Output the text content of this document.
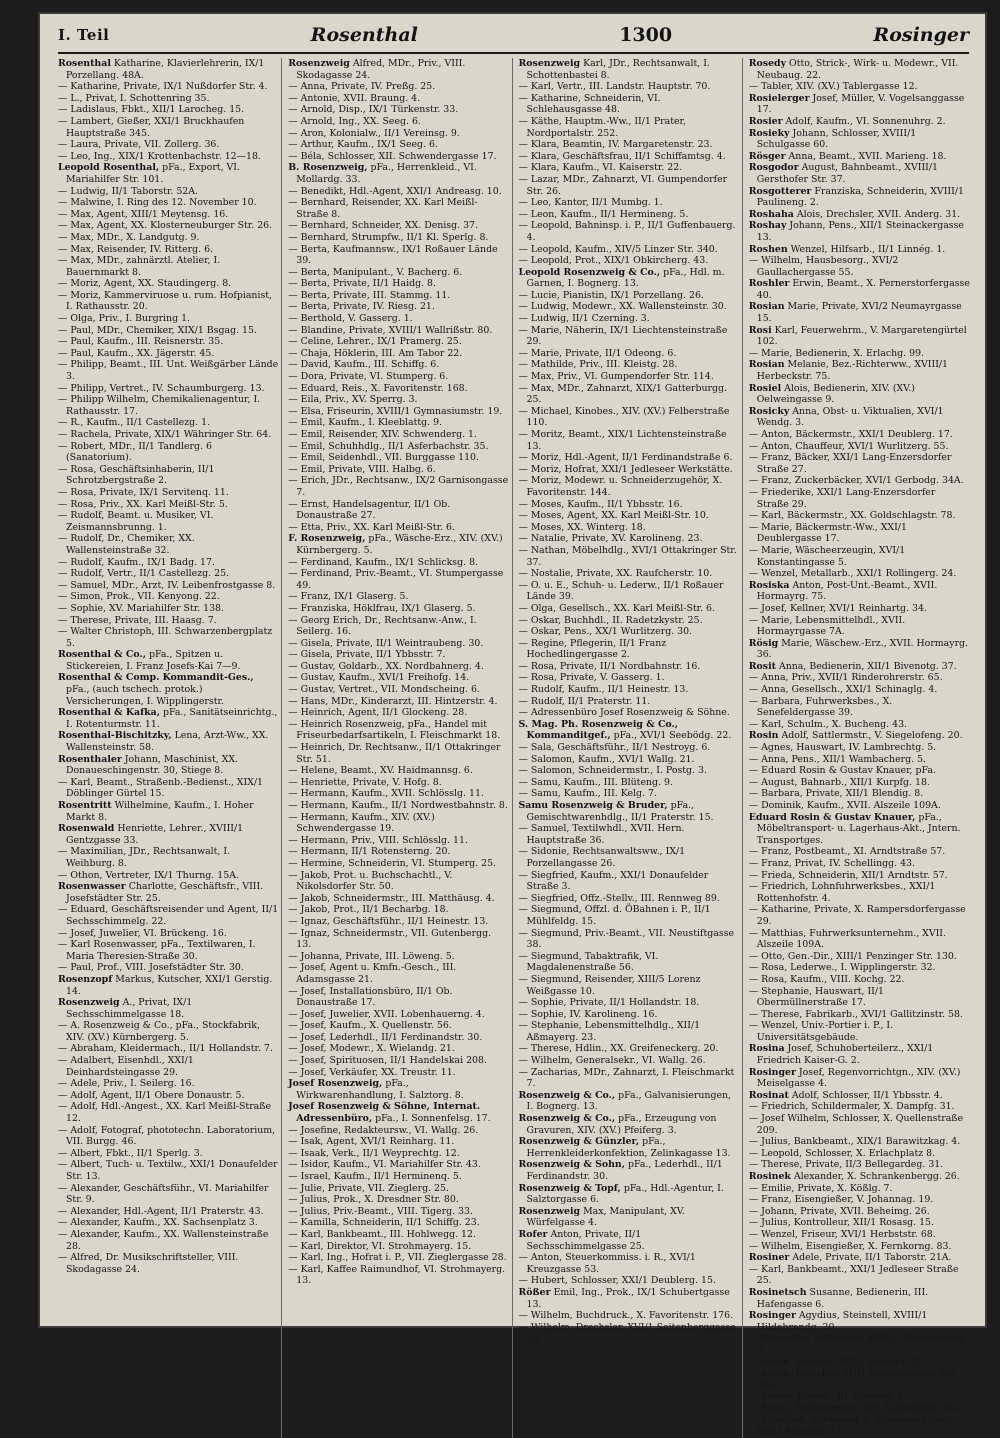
I. Teil	Rosenthal	1300	Rosinger

Rosenthal Katharine, Klavierlehrerin, IX/1 Porzellang. 48A.

— Katharine, Private, IX/1 Nußdorfer Str. 4.

— L., Privat, I. Schottenring 35.

— Ladislaus, Fbkt., XII/1 Larocheg. 15.

— Lambert, Gießer, XXI/1 Bruckhaufen Hauptstraße 345.

— Laura, Private, VII. Zollerg. 36.

— Leo, Ing., XIX/1 Krottenbachstr. 12—18.

Leopold Rosenthal, pFa., Export, VI. Mariahilfer Str. 101.

— Ludwig, II/1 Taborstr. 52A.

— Malwine, I. Ring des 12. November 10.

— Max, Agent, XIII/1 Meytensg. 16.

— Max, Agent, XX. Klosterneuburger Str. 26.

— Max, MDr., X. Landgutg. 9.

— Max, Reisender, IV. Ritterg. 6.

— Max, MDr., zahnärztl. Atelier, I. Bauernmarkt 8.

— Moriz, Agent, XX. Staudingerg. 8.

— Moriz, Kammerviruose u. rum. Hofpianist, I. Rathausstr. 20.

— Olga, Priv., I. Burgring 1.

— Paul, MDr., Chemiker, XIX/1 Bsgag. 15.

— Paul, Kaufm., III. Reisnerstr. 35.

— Paul, Kaufm., XX. Jägerstr. 45.

— Philipp, Beamt., III. Unt. Weißgärber Lände 3.

— Philipp, Vertret., IV. Schaumburgerg. 13.

— Philipp Wilhelm, Chemikalienagentur, I. Rathausstr. 17.

— R., Kaufm., II/1 Castellezg. 1.

— Rachela, Private, XIX/1 Währinger Str. 64.

— Robert, MDr., II/1 Tandlerg. 6 (Sanatorium).

— Rosa, Geschäftsinhaberin, II/1 Schrotzbergstraße 2.

— Rosa, Private, IX/1 Servitenq. 11.

— Rosa, Priv., XX. Karl Meißl-Str. 5.

— Rudolf, Beamt. u. Musiker, VI. Zeismannsbrunng. 1.

— Rudolf, Dr., Chemiker, XX. Wallensteinstraße 32.

— Rudolf, Kaufm., IX/1 Badg. 17.

— Rudolf, Vertr., II/1 Castellezg. 25.

— Samuel, MDr., Arzt, IV. Leibenfrostgasse 8.

— Simon, Prok., VII. Kenyong. 22.

— Sophie, XV. Mariahilfer Str. 138.

— Therese, Private, III. Haasg. 7.

— Walter Christoph, III. Schwarzenbergplatz 5.

Rosenthal & Co., pFa., Spitzen u. Stickereien, I. Franz Josefs-Kai 7—9.

Rosenthal & Comp. Kommandit-Ges., pFa., (auch tschech. protok.) Versicherungen, I. Wipplingerstr.

Rosenthal & Kafka, pFa., Sanitätseinrichtg., I. Rotenturmstr. 11.

Rosenthal-Bischitzky, Lena, Arzt-Ww., XX. Wallensteinstr. 58.

Rosenthaler Johann, Maschinist, XX. Donaueschingenstr. 30, Stiege 8.

— Karl, Beamt., Straßenb.-Bedienst., XIX/1 Döblinger Gürtel 15.

Rosentritt Wilhelmine, Kaufm., I. Hoher Markt 8.

Rosenwald Henriette, Lehrer., XVIII/1 Gentzgasse 33.

— Maximilian, JDr., Rechtsanwalt, I. Weihburg. 8.

— Othon, Vertreter, IX/1 Thurng. 15A.

Rosenwasser Charlotte, Geschäftsfr., VIII. Josefstädter Str. 25.

— Eduard, Geschäftsreisender und Agent, II/1 Sechsschimmelg. 22.

— Josef, Juwelier, VI. Brückeng. 16.

— Karl Rosenwasser, pFa., Textilwaren, I. Maria Theresien-Straße 30.

— Paul, Prof., VIII. Josefstädter Str. 30.

Rosenzopf Markus, Kutscher, XXI/1 Gerstig. 14.

Rosenzweig A., Privat, IX/1 Sechsschimmelgasse 18.

— A. Rosenzweig & Co., pFa., Stockfabrik, XIV. (XV.) Kürnbergerg. 5.

— Abraham, Kleidermach., II/1 Hollandstr. 7.

— Adalbert, Eisenhdl., XXI/1 Deinhardsteingasse 29.

— Adele, Priv., I. Seilerg. 16.

— Adolf, Agent, II/1 Obere Donaustr. 5.

— Adolf, Hdl.-Angest., XX. Karl Meißl-Straße 12.

— Adolf, Fotograf, phototechn. Laboratorium, VII. Burgg. 46.

— Albert, Fbkt., II/1 Sperlg. 3.

— Albert, Tuch- u. Textilw., XXI/1 Donaufelder Str. 13.

— Alexander, Geschäftsführ., VI. Mariahilfer Str. 9.

— Alexander, Hdl.-Agent, II/1 Praterstr. 43.

— Alexander, Kaufm., XX. Sachsenplatz 3.

— Alexander, Kaufm., XX. Wallensteinstraße 28.

— Alfred, Dr. Musikschriftsteller, VIII. Skodagasse 24.

Rosenzweig Alfred, MDr., Priv., VIII. Skodagasse 24.

— Anna, Private, IV. Preßg. 25.

— Antonie, XVII. Braung. 4.

— Arnold, Disp., IX/1 Türkenstr. 33.

— Arnold, Ing., XX. Seeg. 6.

— Aron, Kolonialw., II/1 Vereinsg. 9.

— Arthur, Kaufm., IX/1 Seeg. 6.

— Béla, Schlosser, XII. Schwendergasse 17.

B. Rosenzweig, pFa., Herrenkleid., VI. Mollardg. 33.

— Benedikt, Hdl.-Agent, XXI/1 Andreasg. 10.

— Bernhard, Reisender, XX. Karl Meißl-Straße 8.

— Bernhard, Schneider, XX. Denisg. 37.

— Bernhard, Strumpfw., II/1 Kl. Sperlg. 8.

— Berta, Kaufmannsw., IX/1 Roßauer Lände 39.

— Berta, Manipulant., V. Bacherg. 6.

— Berta, Private, II/1 Haidg. 8.

— Berta, Private, III. Stammg. 11.

— Berta, Private, IV. Riesg. 21.

— Berthold, V. Gasserg. 1.

— Blandine, Private, XVIII/1 Wallrißstr. 80.

— Celine, Lehrer., IX/1 Pramerg. 25.

— Chaja, Höklerin, III. Am Tabor 22.

— David, Kaufm., III. Schiffg. 6.

— Dora, Private, VI. Stumperg. 6.

— Eduard, Reis., X. Favoritenstr. 168.

— Eila, Priv., XV. Sperrg. 3.

— Elsa, Friseurin, XVIII/1 Gymnasiumstr. 19.

— Emil, Kaufm., I. Kleeblattg. 9.

— Emil, Reisender, XIV. Schwenderg. 1.

— Emil, Schuhhdlg., II/1 Asferbachstr. 35.

— Emil, Seidenhdl., VII. Burggasse 110.

— Emil, Private, VIII. Halbg. 6.

— Erich, JDr., Rechtsanw., IX/2 Garnisongasse 7.

— Ernst, Handelsagentur, II/1 Ob. Donaustraße 27.

— Etta, Priv., XX. Karl Meißl-Str. 6.

F. Rosenzweig, pFa., Wäsche-Erz., XIV. (XV.) Kürnbergerg. 5.

— Ferdinand, Kaufm., IX/1 Schlicksg. 8.

— Ferdinand, Priv.-Beamt., VI. Stumpergasse 49.

— Franz, IX/1 Glaserg. 5.

— Franziska, Höklfrau, IX/1 Glaserg. 5.

— Georg Erich, Dr., Rechtsanw.-Anw., I. Seilerg. 16.

— Gisela, Private, II/1 Weintraubeng. 30.

— Gisela, Private, II/1 Ybbsstr. 7.

— Gustav, Goldarb., XX. Nordbahnerg. 4.

— Gustav, Kaufm., XVI/1 Freihofg. 14.

— Gustav, Vertret., VII. Mondscheing. 6.

— Hans, MDr., Kinderarzt, III. Hintzerstr. 4.

— Heinrich, Agent, II/1 Glockeng. 28.

— Heinrich Rosenzweig, pFa., Handel mit Friseurbedarfsartikeln, I. Fleischmarkt 18.

— Heinrich, Dr. Rechtsanw., II/1 Ottakringer Str. 51.

— Helene, Beamt., XV. Haidmannsg. 6.

— Henriette, Private, V. Hofg. 8.

— Hermann, Kaufm., XVII. Schlösslg. 11.

— Hermann, Kaufm., II/1 Nordwestbahnstr. 8.

— Hermann, Kaufm., XIV. (XV.) Schwendergasse 19.

— Hermann, Priv., VIII. Schlösslg. 11.

— Hermann, II/1 Rotensterng. 20.

— Hermine, Schneiderin, VI. Stumperg. 25.

— Jakob, Prot. u. Buchschachtl., V. Nikolsdorfer Str. 50.

— Jakob, Schneidermstr., III. Matthäusg. 4.

— Jakob, Prot., II/1 Becharbg. 18.

— Ignaz, Geschäftsführ., II/1 Heinestr. 13.

— Ignaz, Schneidermstr., VII. Gutenbergg. 13.

— Johanna, Private, III. Löweng. 5.

— Josef, Agent u. Kmfn.-Gesch., III. Adamsgasse 21.

— Josef, Installationsbüro, II/1 Ob. Donaustraße 17.

— Josef, Juwelier, XVII. Lobenhauerng. 4.

— Josef, Kaufm., X. Quellenstr. 56.

— Josef, Lederhdl., II/1 Ferdinandstr. 30.

— Josef, Modewr., X. Wielandg. 21.

— Josef, Spirituosen, II/1 Handelskai 208.

— Josef, Verkäufer, XX. Treustr. 11.

Josef Rosenzweig, pFa., Wirkwarenhandlung, I. Salztorg. 8.

Josef Rosenzweig & Söhne, Internat. Adressenbüro, pFa., I. Sonnenfelsg. 17.

— Josefine, Redakteursw., VI. Wallg. 26.

— Isak, Agent, XVI/1 Reinharg. 11.

— Isaak, Verk., II/1 Weyprechtg. 12.

— Isidor, Kaufm., VI. Mariahilfer Str. 43.

— Israel, Kaufm., II/1 Herminenq. 5.

— Julie, Private, VII. Zieglerg. 25.

— Julius, Prok., X. Dresdner Str. 80.

— Julius, Priv.-Beamt., VIII. Tigerg. 33.

— Kamilla, Schneiderin, II/1 Schiffg. 23.

— Karl, Bankbeamt., III. Hohlwegg. 12.

— Karl, Direktor, VI. Strohmayerg. 15.

— Karl, Ing., Hofrat i. P., VII. Zieglergasse 28.

— Karl, Kaffee Raimundhof, VI. Strohmayerg. 13.

Rosenzweig Karl, JDr., Rechtsanwalt, I. Schottenbastei 8.

— Karl, Vertr., III. Landstr. Hauptstr. 70.

— Katharine, Schneiderin, VI. Schlehausgasse 48.

— Käthe, Hauptm.-Ww., II/1 Prater, Nordportalstr. 252.

— Klara, Beamtin, IV. Margaretenstr. 23.

— Klara, Geschäftsfrau, II/1 Schiffamtsg. 4.

— Klara, Kaufm., VI. Kaiserstr. 22.

— Lazar, MDr., Zahnarzt, VI. Gumpendorfer Str. 26.

— Leo, Kantor, II/1 Mumbg. 1.

— Leon, Kaufm., II/1 Hermineng. 5.

— Leopold, Bahninsp. i. P., II/1 Guffenbauerg. 4.

— Leopold, Kaufm., XIV/5 Linzer Str. 340.

— Leopold, Prot., XIX/1 Obkircherg. 43.

Leopold Rosenzweig & Co., pFa., Hdl. m. Garnen, I. Bognerg. 13.

— Lucie, Pianistin, IX/1 Porzellang. 26.

— Ludwig, Modewr., XX. Wallensteinstr. 30.

— Ludwig, II/1 Czerning. 3.

— Marie, Näherin, IX/1 Liechtensteinstraße 29.

— Marie, Private, II/1 Odeong. 6.

— Mathilde, Priv., III. Kleistg. 28.

— Max, Priv., VI. Gumpendorfer Str. 114.

— Max, MDr., Zahnarzt, XIX/1 Gatterburgg. 25.

— Michael, Kinobes., XIV. (XV.) Felberstraße 110.

— Moritz, Beamt., XIX/1 Lichtensteinstraße 13.

— Moriz, Hdl.-Agent, II/1 Ferdinandstraße 6.

— Moriz, Hofrat, XXI/1 Jedleseer Werkstätte.

— Moriz, Modewr. u. Schneiderzugehör, X. Favoritenstr. 144.

— Moses, Kaufm., II/1 Ybbsstr. 16.

— Moses, Agent, XX. Karl Meißl-Str. 10.

— Moses, XX. Winterg. 18.

— Natalie, Private, XV. Karolineng. 23.

— Nathan, Möbelhdlg., XVI/1 Ottakringer Str. 37.

— Nostalie, Private, XX. Raufcherstr. 10.

— O. u. E., Schuh- u. Lederw., II/1 Roßauer Lände 39.

— Olga, Gesellsch., XX. Karl Meißl-Str. 6.

— Oskar, Buchhdl., II. Radetzkystr. 25.

— Oskar, Pens., XX/1 Wurlitzerg. 30.

— Regine, Pflegerin, II/1 Franz Hochedlingergasse 2.

— Rosa, Private, II/1 Nordbahnstr. 16.

— Rosa, Private, V. Gasserg. 1.

— Rudolf, Kaufm., II/1 Heinestr. 13.

— Rudolf, II/1 Praterstr. 11.

— Adressenbüro Josef Rosenzweig & Söhne.

S. Mag. Ph. Rosenzweig & Co., Kommanditgef., pFa., XVI/1 Seebödg. 22.

— Sala, Geschäftsführ., II/1 Nestroyg. 6.

— Salomon, Kaufm., XVI/1 Wallg. 21.

— Salomon, Schneidermstr., I. Postg. 3.

— Samu, Kaufm., III. Blüteng. 9.

— Samu, Kaufm., III. Kelg. 7.

Samu Rosenzweig & Bruder, pFa., Gemischtwarenhdlg., II/1 Praterstr. 15.

— Samuel, Textilwhdl., XVII. Hern. Hauptstraße 36.

— Sidonie, Rechtsanwaltsww., IX/1 Porzellangasse 26.

— Siegfried, Kaufm., XXI/1 Donaufelder Straße 3.

— Siegfried, Offz.-Stellv., III. Rennweg 89.

— Siegmund, Offzl. d. ÖBahnen i. P., II/1 Mühlfeldg. 15.

— Siegmund, Priv.-Beamt., VII. Neustiftgasse 38.

— Siegmund, Tabaktrafik, VI. Magdalenenstraße 56.

— Siegmund, Reisender, XIII/5 Lorenz Weißgasse 10.

— Sophie, Private, II/1 Hollandstr. 18.

— Sophie, IV. Karolineng. 16.

— Stephanie, Lebensmittelhdlg., XII/1 Aßmayerg. 23.

— Therese, Hdlin., XX. Greifeneckerg. 20.

— Wilhelm, Generalsekr., VI. Wallg. 26.

— Zacharias, MDr., Zahnarzt, I. Fleischmarkt 7.

Rosenzweig & Co., pFa., Galvanisierungen, I. Bognerg. 13.

Rosenzweig & Co., pFa., Erzeugung von Gravuren, XIV. (XV.) Pfeiferg. 3.

Rosenzweig & Günzler, pFa., Herrenkleiderkonfektion, Zelinkagasse 13.

Rosenzweig & Sohn, pFa., Lederhdl., II/1 Ferdinandstr. 30.

Rosenzweig & Topf, pFa., Hdl.-Agentur, I. Salztorgasse 6.

Rosenzweig Max, Manipulant, XV. Würfelgasse 4.

Rofer Anton, Private, II/1 Sechsschimmelgasse 25.

— Anton, Steuerkommiss. i. R., XVI/1 Kreuzgasse 53.

— Hubert, Schlosser, XXI/1 Deublerg. 15.

Rößer Emil, Ing., Prok., IX/1 Schubertgasse 13.

— Wilhelm, Buchdruck., X. Favoritenstr. 176.

— Wilhelm, Drechsler, XVI/1 Seitenberggasse 13.

Rosedy Otto, Strick-, Wirk- u. Modewr., VII. Neubaug. 22.

— Tabler, XIV. (XV.) Tablergasse 12.

Rosielerger Josef, Müller, V. Vogelsanggasse 17.

Rosier Adolf, Kaufm., VI. Sonnenuhrg. 2.

Rosieky Johann, Schlosser, XVIII/1 Schulgasse 60.

Rösger Anna, Beamt., XVII. Marieng. 18.

Rosgodor August, Bahnbeamt., XVIII/1 Gersthofer Str. 37.

Rosgotterer Franziska, Schneiderin, XVIII/1 Paulineng. 2.

Roshaha Alois, Drechsler, XVII. Anderg. 31.

Roshay Johann, Pens., XII/1 Steinackergasse 13.

Roshen Wenzel, Hilfsarb., II/1 Linnég. 1.

— Wilhelm, Hausbesorg., XVI/2 Gaullachergasse 55.

Roshler Erwin, Beamt., X. Pernerstorfergasse 40.

Rosian Marie, Private, XVI/2 Neumayrgasse 15.

Rosi Karl, Feuerwehrm., V. Margaretengürtel 102.

— Marie, Bedienerin, X. Erlachg. 99.

Rosian Melanie, Bez.-Richterww., XVIII/1 Herbeckstr. 75.

Rosiel Alois, Bedienerin, XIV. (XV.) Oelweingasse 9.

Rosicky Anna, Obst- u. Viktualien, XVI/1 Wendg. 3.

— Anton, Bäckermstr., XXI/1 Deublerg. 17.

— Anton, Chauffeur, XVI/1 Wurlitzerg. 55.

— Franz, Bäcker, XXI/1 Lang-Enzersdorfer Straße 27.

— Franz, Zuckerbäcker, XVI/1 Gerbodg. 34A.

— Friederike, XXI/1 Lang-Enzersdorfer Straße 29.

— Karl, Bäckermstr., XX. Goldschlagstr. 78.

— Marie, Bäckermstr.-Ww., XXI/1 Deublergasse 17.

— Marie, Wäscheerzeugin, XVI/1 Konstantingasse 5.

— Wenzel, Metallarb., XXI/1 Rollingerg. 24.

Rosiska Anton, Post-Unt.-Beamt., XVII. Hormayrg. 75.

— Josef, Kellner, XVI/1 Reinhartg. 34.

— Marie, Lebensmittelhdl., XVII. Hormayrgasse 7A.

Rösig Marie, Wäschew.-Erz., XVII. Hormayrg. 36.

Rosit Anna, Bedienerin, XII/1 Bivenotg. 37.

— Anna, Priv., XVII/1 Rinderohrerstr. 65.

— Anna, Gesellsch., XXI/1 Schinaglg. 4.

— Barbara, Fuhrwerksbes., X. Senefeldergasse 39.

— Karl, Schulm., X. Bucheng. 43.

Rosin Adolf, Sattlermstr., V. Siegelofeng. 20.

— Agnes, Hauswart, IV. Lambrechtg. 5.

— Anna, Pens., XII/1 Wambacherg. 5.

— Eduard Rosin & Gustav Knauer, pFa.

— August, Bahnarb., XII/1 Kurpfg. 18.

— Barbara, Private, XII/1 Blendig. 8.

— Dominik, Kaufm., XVII. Alszeile 109A.

Eduard Rosin & Gustav Knauer, pFa., Möbeltransport- u. Lagerhaus-Akt., Jntern. Transportges.

— Franz, Postbeamt., XI. Arndtstraße 57.

— Franz, Privat, IV. Schellingg. 43.

— Frieda, Schneiderin, XII/1 Arndtstr. 57.

— Friedrich, Lohnfuhrwerksbes., XXI/1 Rottenhofstr. 4.

— Katharine, Private, X. Rampersdorfergasse 29.

— Matthias, Fuhrwerksunternehm., XVII. Alszeile 109A.

— Otto, Gen.-Dir., XIII/1 Penzinger Str. 130.

— Rosa, Lederwe., I. Wipplingerstr. 32.

— Rosa, Kaufm., VIII. Kochg. 22.

— Stephanie, Hauswart, II/1 Obermüllnerstraße 17.

— Therese, Fabrikarb., XVI/1 Gallitzinstr. 58.

— Wenzel, Univ.-Portier i. P., I. Universitätsgebäude.

Rosina Josef, Schuhoberteilerz., XXI/1 Friedrich Kaiser-G. 2.

Rosinger Josef, Regenvorrichtgn., XIV. (XV.) Meiselgasse 4.

Rosinat Adolf, Schlosser, II/1 Ybbsstr. 4.

— Friedrich, Schildermaler, X. Dampfg. 31.

— Josef Wilhelm, Schlosser, X. Quellenstraße 209.

— Julius, Bankbeamt., XIX/1 Barawitzkag. 4.

— Leopold, Schlosser, X. Erlachplatz 8.

— Therese, Private, II/3 Bellegardeg. 31.

Rosinek Alexander, X. Schrankenbergg. 26.

— Emilie, Private, X. Kößlg. 7.

— Franz, Eisengießer, V. Johannag. 19.

— Johann, Private, XVII. Beheimg. 26.

— Julius, Kontrolleur, XII/1 Rosasg. 15.

— Wenzel, Friseur, XVI/1 Herbststr. 68.

— Wilhelm, Eisengießer, X. Fernkorng. 83.

Rosiner Adele, Private, II/1 Taborstr. 21A.

— Karl, Bankbeamt., XXI/1 Jedleseer Straße 25.

Rosinetsch Susanne, Bedienerin, III. Hafengasse 6.

Rosinger Agydius, Steinstell, XVIII/1 Hildebrandg. 20.

— Alexander, Schneider, XVIII/1 Hildebrandg. 7.

— Anton, Tischler, XVI/1 Römerg. 37.

— Anton, Kutscher, XII/1 Schönbrunner Str. 226.

— Emma, Beamt., III. Löweng. 8.

— Franz, Zimmermann, II/1 Schütteltstr. 93.

— Friedrich, Schneider u. Mobelzeugspitz, XVI/1 Märzstr. 73.
